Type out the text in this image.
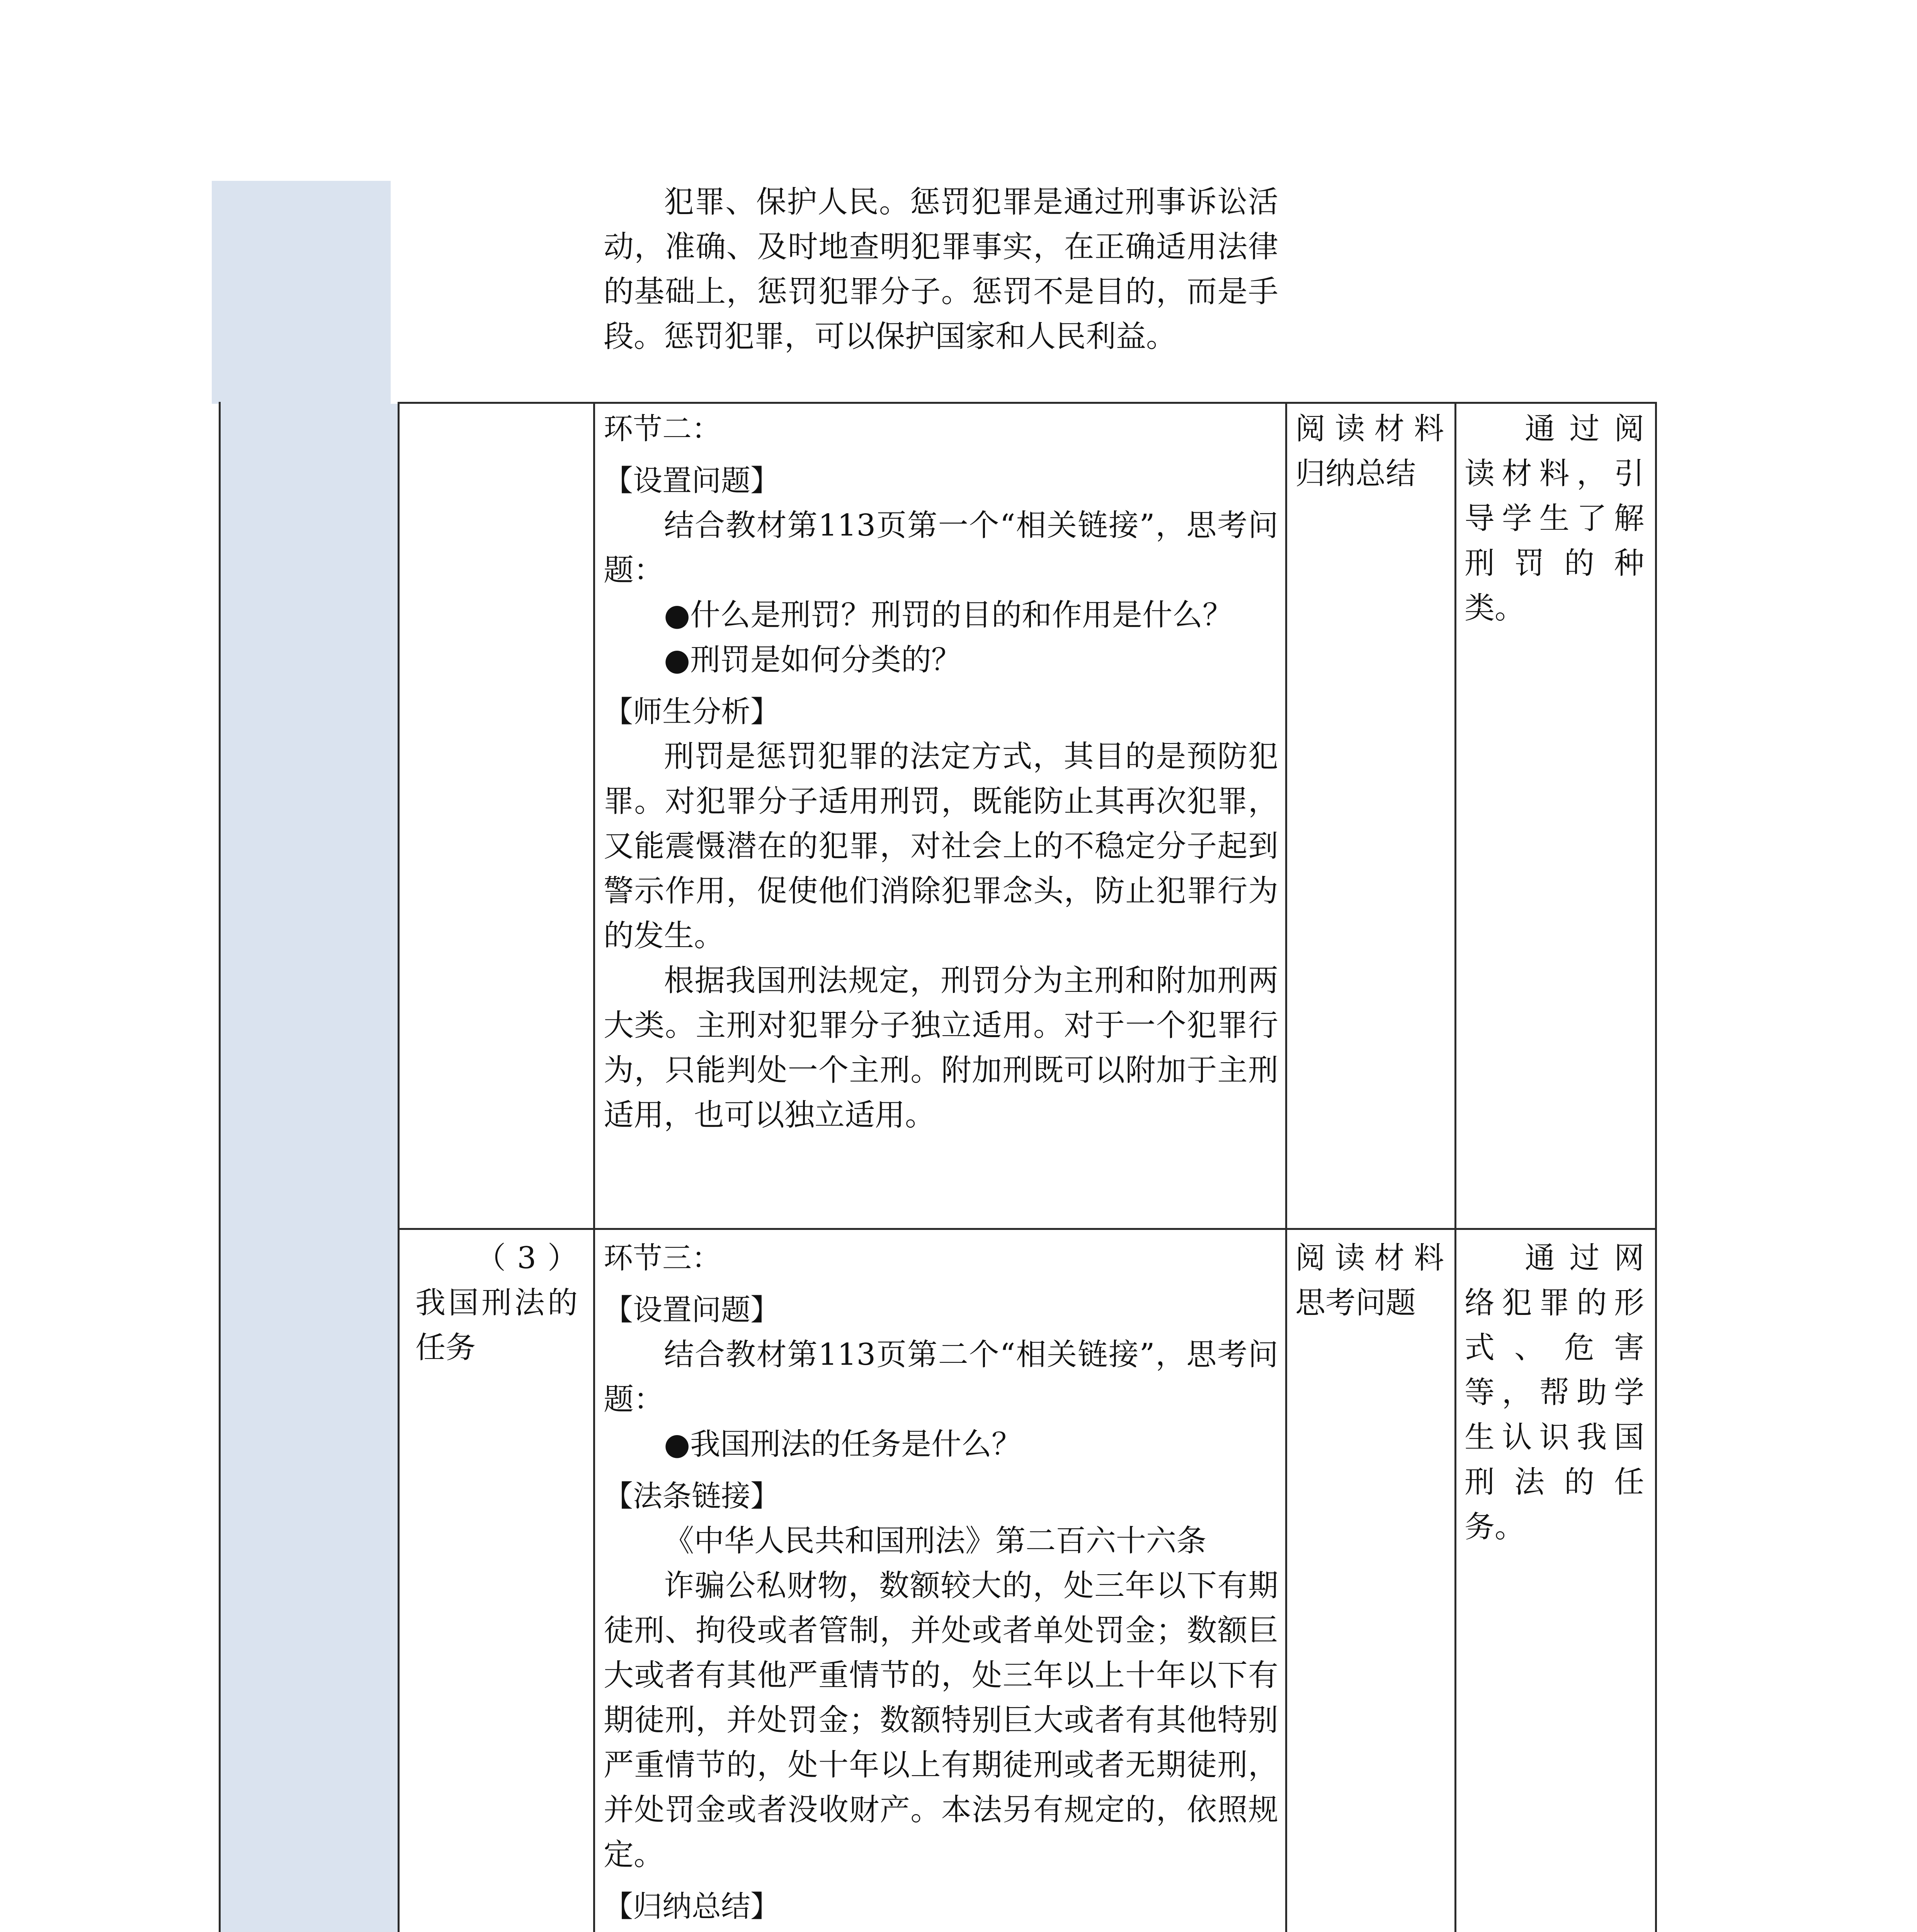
犯罪、保护人民。惩罚犯罪是通过刑事诉讼活动，准确、及时地查明犯罪事实，在正确适用法律的基础上，惩罚犯罪分子。惩罚不是目的，而是手段。惩罚犯罪，可以保护国家和人民利益。

环节二：

【设置问题】

结合教材第113页第一个“相关链接”，思考问题：

●什么是刑罚？刑罚的目的和作用是什么？

●刑罚是如何分类的？

【师生分析】

刑罚是惩罚犯罪的法定方式，其目的是预防犯罪。对犯罪分子适用刑罚，既能防止其再次犯罪，又能震慑潜在的犯罪，对社会上的不稳定分子起到警示作用，促使他们消除犯罪念头，防止犯罪行为的发生。

根据我国刑法规定，刑罚分为主刑和附加刑两大类。主刑对犯罪分子独立适用。对于一个犯罪行为，只能判处一个主刑。附加刑既可以附加于主刑适用，也可以独立适用。

阅读材料归纳总结

通过阅读材料，引导学生了解刑罚的种类。

（3）我国刑法的任务

环节三：

【设置问题】

结合教材第113页第二个“相关链接”，思考问题：

●我国刑法的任务是什么？

【法条链接】

《中华人民共和国刑法》第二百六十六条

诈骗公私财物，数额较大的，处三年以下有期徒刑、拘役或者管制，并处或者单处罚金；数额巨大或者有其他严重情节的，处三年以上十年以下有期徒刑，并处罚金；数额特别巨大或者有其他特别严重情节的，处十年以上有期徒刑或者无期徒刑，并处罚金或者没收财产。本法另有规定的，依照规定。

【归纳总结】

阅读材料思考问题

通过网络犯罪的形式、危害等，帮助学生认识我国刑法的任务。
